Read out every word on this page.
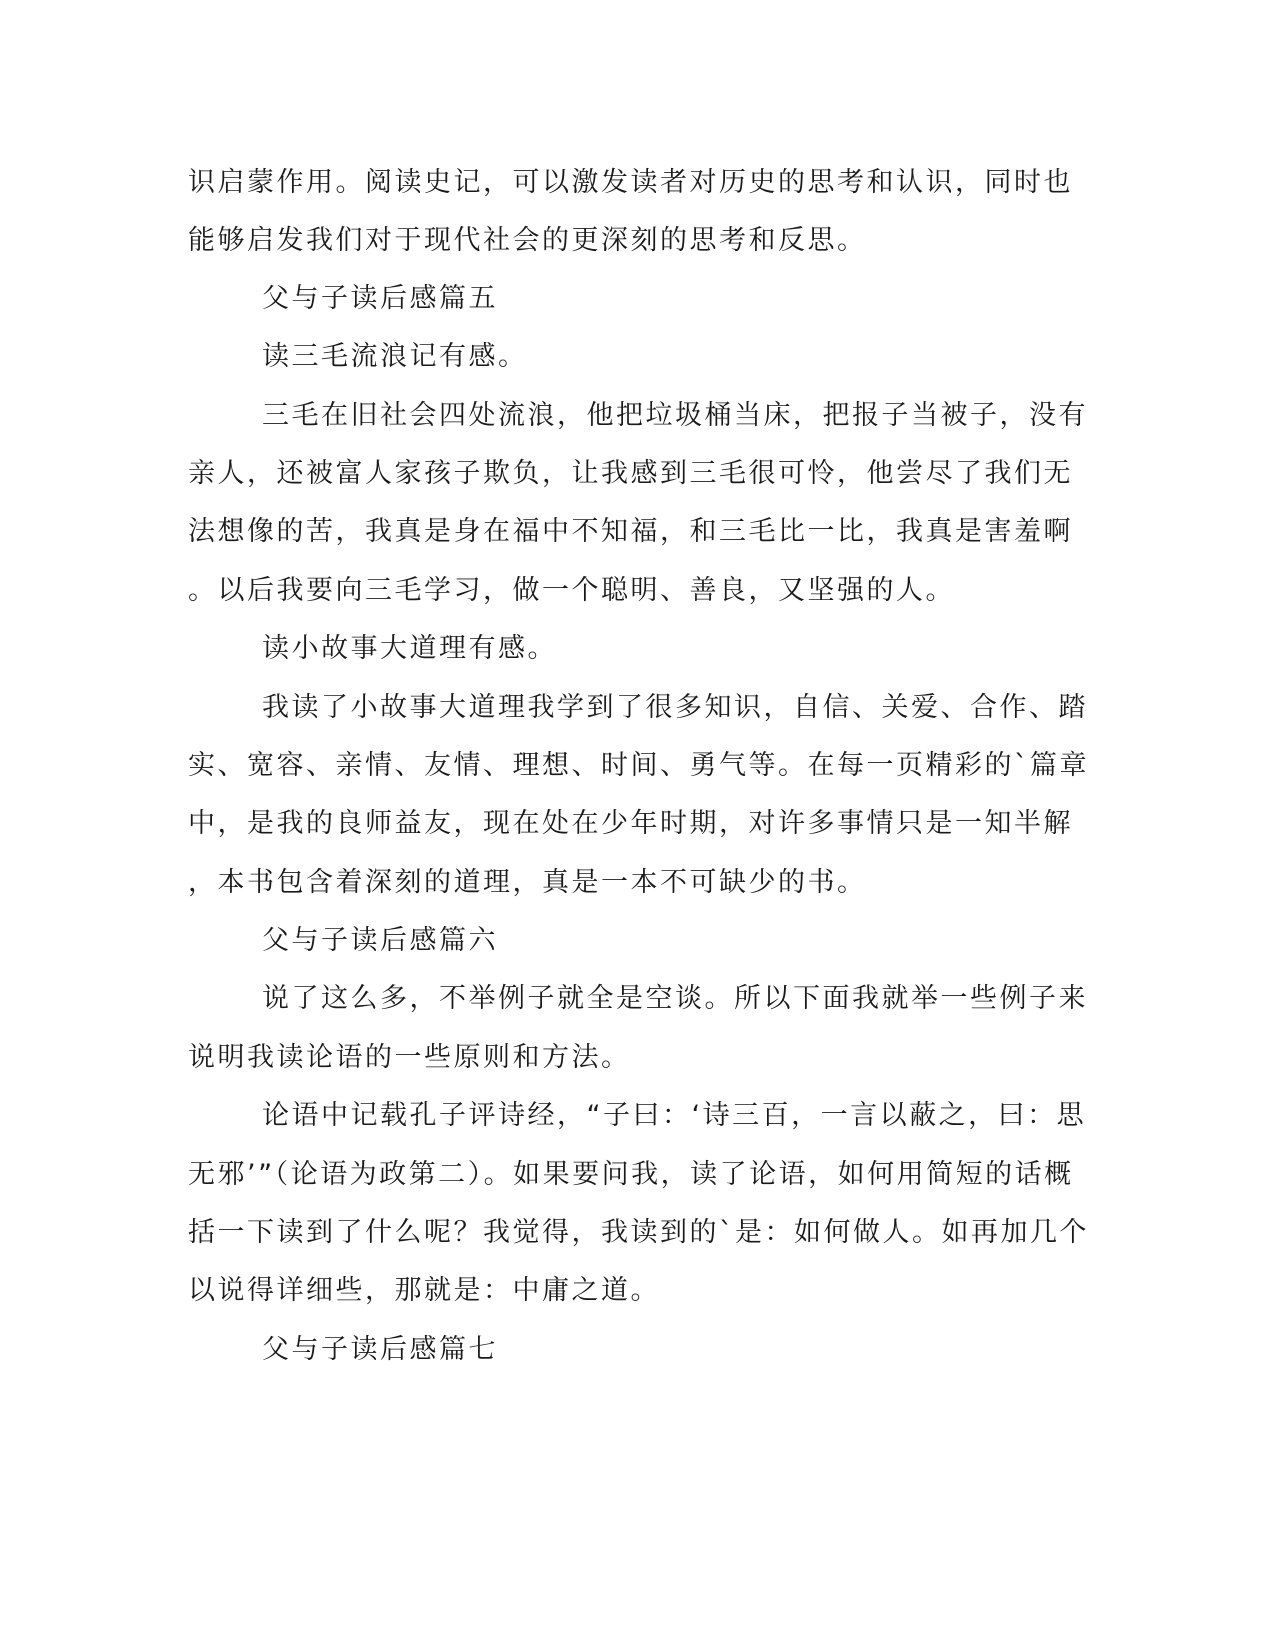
识启蒙作用。阅读史记，可以激发读者对历史的思考和认识，同时也
能够启发我们对于现代社会的更深刻的思考和反思。
父与子读后感篇五
读三毛流浪记有感。
三毛在旧社会四处流浪，他把垃圾桶当床，把报子当被子，没有
亲人，还被富人家孩子欺负，让我感到三毛很可怜，他尝尽了我们无
法想像的苦，我真是身在福中不知福，和三毛比一比，我真是害羞啊
。以后我要向三毛学习，做一个聪明、善良，又坚强的人。
读小故事大道理有感。
我读了小故事大道理我学到了很多知识，自信、关爱、合作、踏
实、宽容、亲情、友情、理想、时间、勇气等。在每一页精彩的`篇章
中，是我的良师益友，现在处在少年时期，对许多事情只是一知半解
，本书包含着深刻的道理，真是一本不可缺少的书。
父与子读后感篇六
说了这么多，不举例子就全是空谈。所以下面我就举一些例子来
说明我读论语的一些原则和方法。
论语中记载孔子评诗经，“子曰：‘诗三百，一言以蔽之，曰：思
无邪’”（论语为政第二）。如果要问我，读了论语，如何用简短的话概
括一下读到了什么呢？我觉得，我读到的`是：如何做人。如再加几个
以说得详细些，那就是：中庸之道。
父与子读后感篇七
